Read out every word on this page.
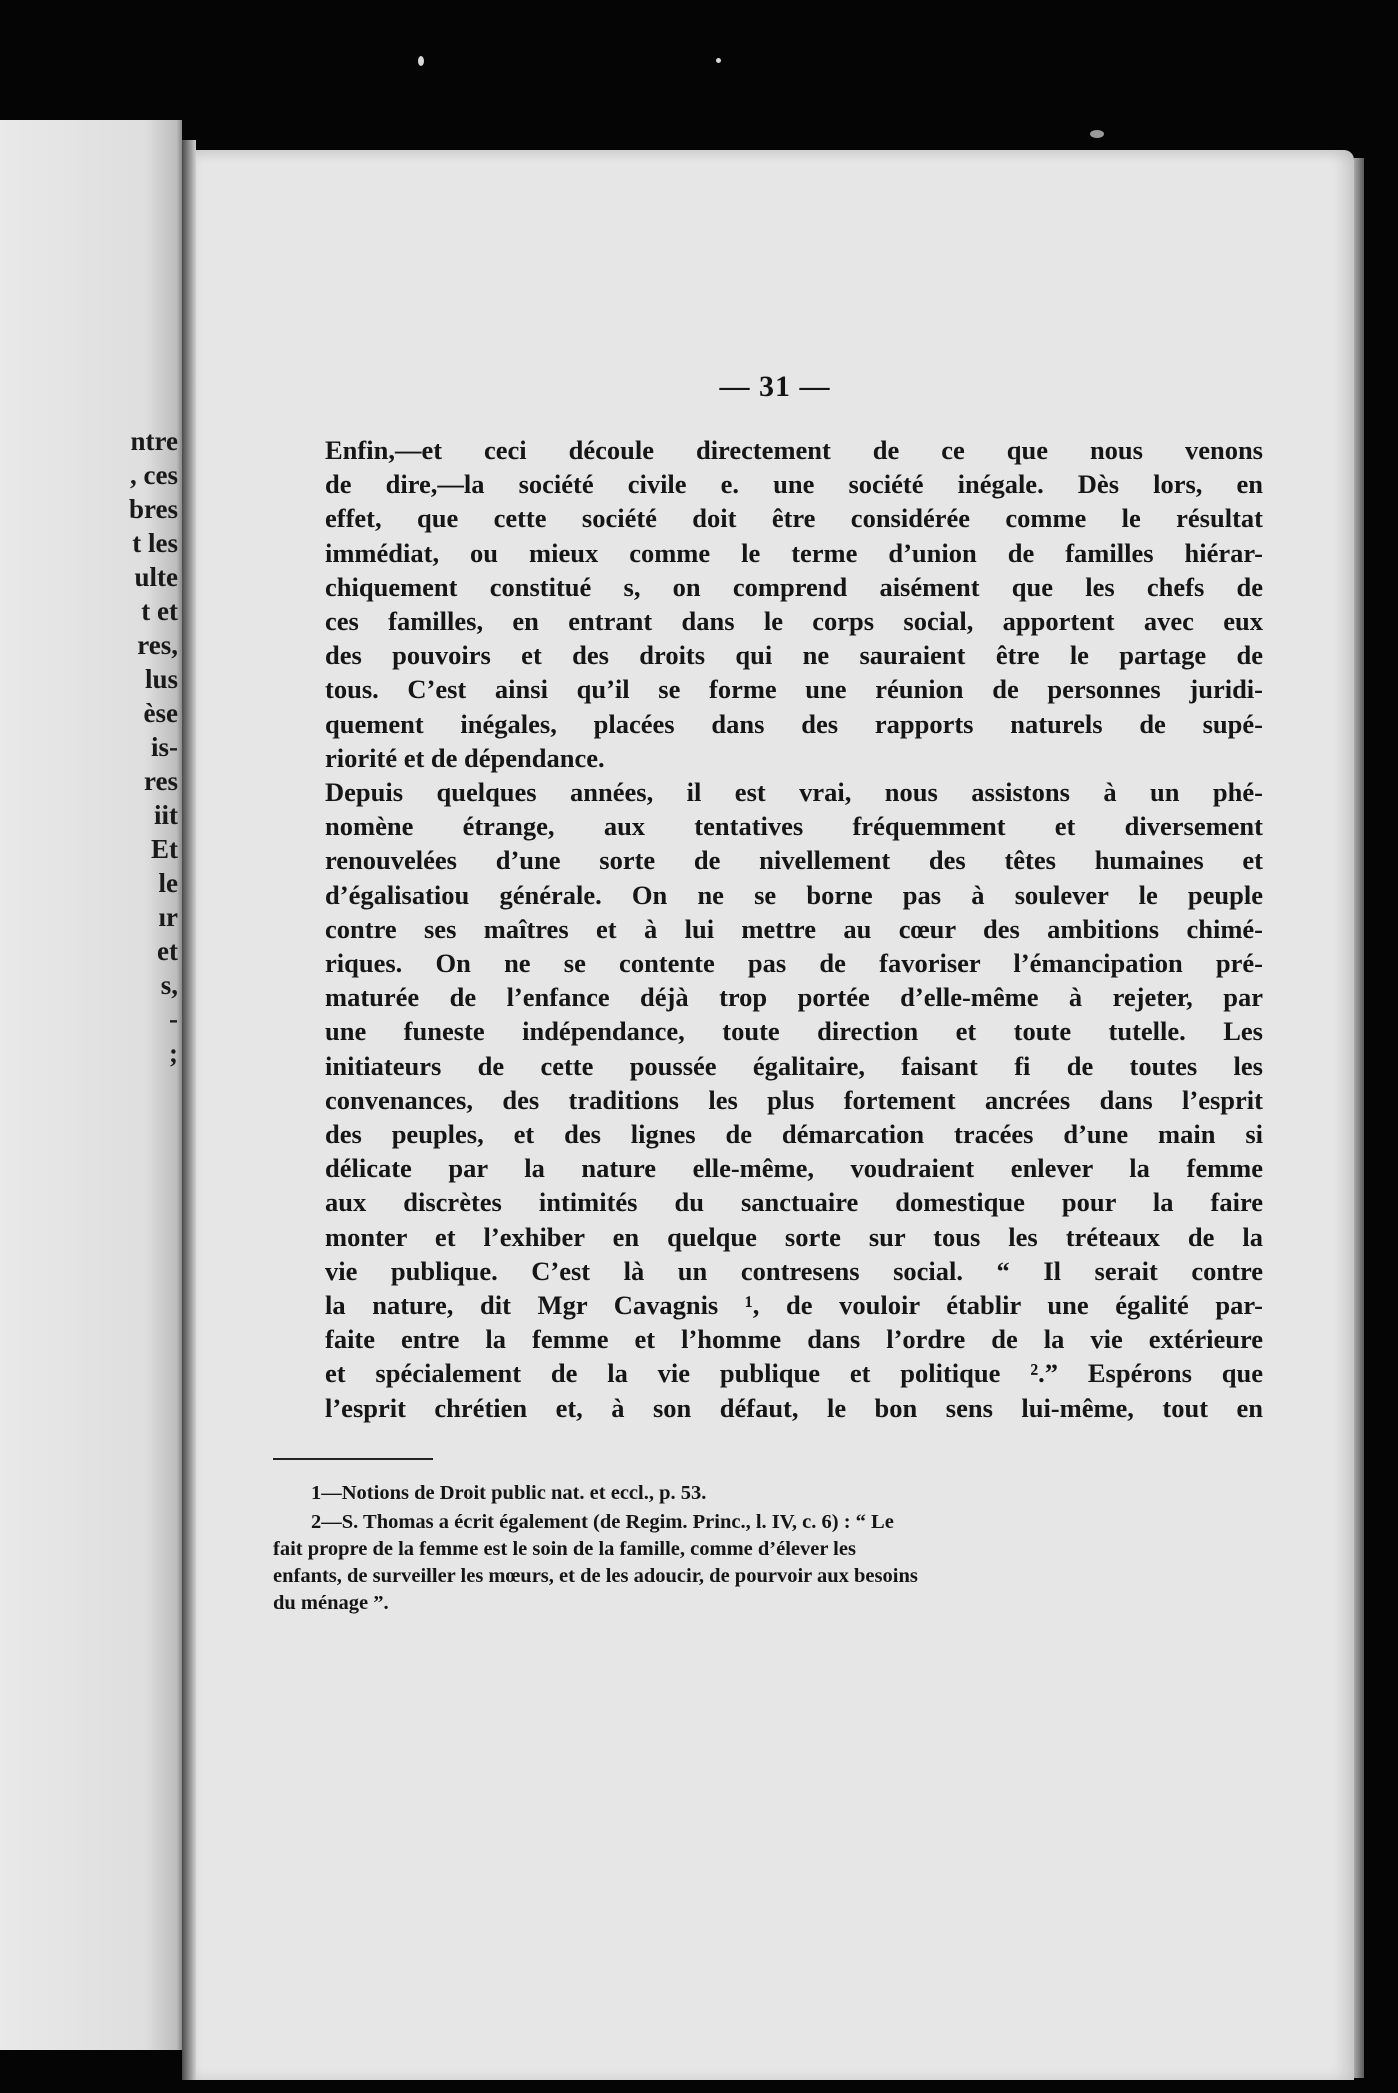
ntre
, ces
bres
t les
ulte
t et
res,
lus
èse
is-
res
iit
Et
le
ır
et
s,
-
;
— 31 —

Enfin,—et ceci découle directement de ce que nous venons
de dire,—la société civile e. une société inégale. Dès lors, en
effet, que cette société doit être considérée comme le résultat
immédiat, ou mieux comme le terme d’union de familles hiérar-
chiquement constitué s, on comprend aisément que les chefs de
ces familles, en entrant dans le corps social, apportent avec eux
des pouvoirs et des droits qui ne sauraient être le partage de
tous. C’est ainsi qu’il se forme une réunion de personnes juridi-
quement inégales, placées dans des rapports naturels de supé-
riorité et de dépendance.

Depuis quelques années, il est vrai, nous assistons à un phé-
nomène étrange, aux tentatives fréquemment et diversement
renouvelées d’une sorte de nivellement des têtes humaines et
d’égalisatiou générale. On ne se borne pas à soulever le peuple
contre ses maîtres et à lui mettre au cœur des ambitions chimé-
riques. On ne se contente pas de favoriser l’émancipation pré-
maturée de l’enfance déjà trop portée d’elle-même à rejeter, par
une funeste indépendance, toute direction et toute tutelle. Les
initiateurs de cette poussée égalitaire, faisant fi de toutes les
convenances, des traditions les plus fortement ancrées dans l’esprit
des peuples, et des lignes de démarcation tracées d’une main si
délicate par la nature elle-même, voudraient enlever la femme
aux discrètes intimités du sanctuaire domestique pour la faire
monter et l’exhiber en quelque sorte sur tous les tréteaux de la
vie publique. C’est là un contresens social. “ Il serait contre
la nature, dit Mgr Cavagnis ¹, de vouloir établir une égalité par-
faite entre la femme et l’homme dans l’ordre de la vie extérieure
et spécialement de la vie publique et politique ².” Espérons que
l’esprit chrétien et, à son défaut, le bon sens lui-même, tout en

1—Notions de Droit public nat. et eccl., p. 53.

2—S. Thomas a écrit également (de Regim. Princ., l. IV, c. 6) : “ Le
fait propre de la femme est le soin de la famille, comme d’élever les
enfants, de surveiller les mœurs, et de les adoucir, de pourvoir aux besoins
du ménage ”.
